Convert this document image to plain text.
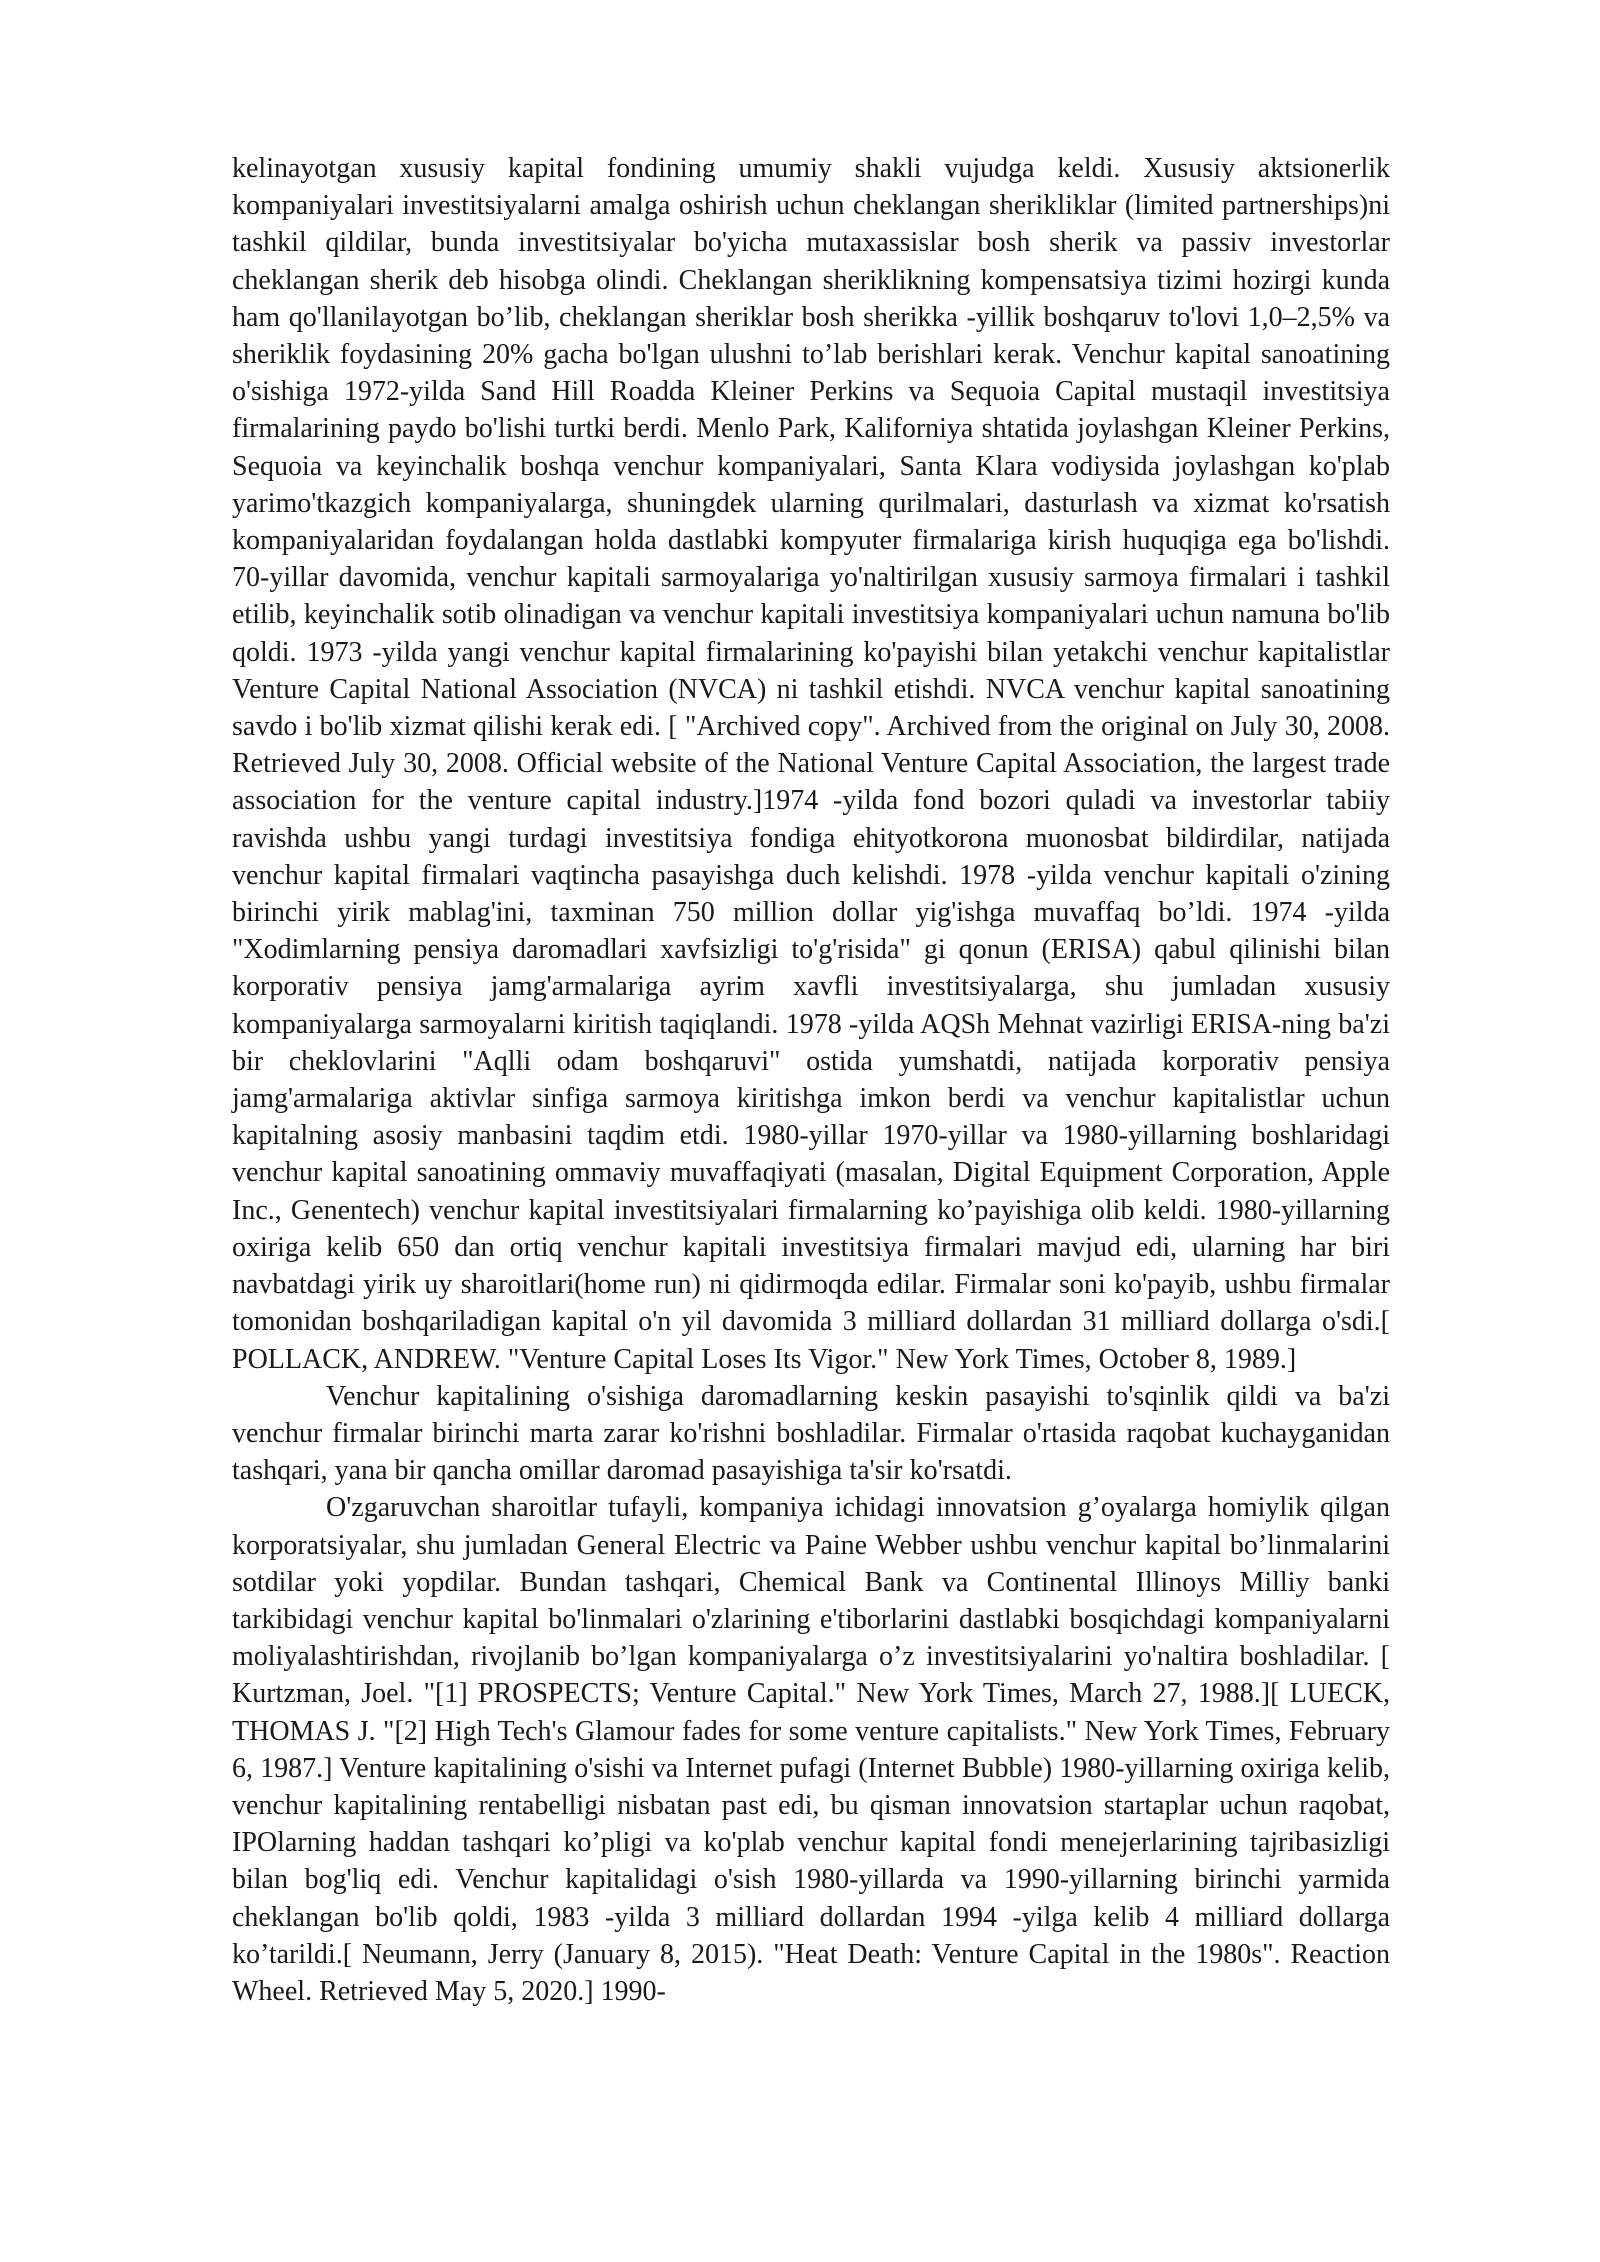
kelinayotgan xususiy kapital fondining umumiy shakli vujudga keldi. Xususiy aktsionerlik kompaniyalari investitsiyalarni amalga oshirish uchun cheklangan sherikliklar (limited partnerships)ni tashkil qildilar, bunda investitsiyalar bo'yicha mutaxassislar bosh sherik va passiv investorlar cheklangan sherik deb hisobga olindi. Cheklangan sheriklikning kompensatsiya tizimi hozirgi kunda ham qo'llanilayotgan bo’lib, cheklangan sheriklar bosh sherikka -yillik boshqaruv to'lovi 1,0–2,5% va sheriklik foydasining 20% gacha bo'lgan ulushni to’lab berishlari kerak. Venchur kapital sanoatining o'sishiga 1972-yilda Sand Hill Roadda Kleiner Perkins va Sequoia Capital mustaqil investitsiya firmalarining paydo bo'lishi turtki berdi. Menlo Park, Kaliforniya shtatida joylashgan Kleiner Perkins, Sequoia va keyinchalik boshqa venchur kompaniyalari, Santa Klara vodiysida joylashgan ko'plab yarimo'tkazgich kompaniyalarga, shuningdek ularning qurilmalari, dasturlash va xizmat ko'rsatish kompaniyalaridan foydalangan holda dastlabki kompyuter firmalariga kirish huquqiga ega bo'lishdi. 70-yillar davomida, venchur kapitali sarmoyalariga yo'naltirilgan xususiy sarmoya firmalari i tashkil etilib, keyinchalik sotib olinadigan va venchur kapitali investitsiya kompaniyalari uchun namuna bo'lib qoldi. 1973 -yilda yangi venchur kapital firmalarining ko'payishi bilan yetakchi venchur kapitalistlar Venture Capital National Association (NVCA) ni tashkil etishdi. NVCA venchur kapital sanoatining savdo i bo'lib xizmat qilishi kerak edi. [ "Archived copy". Archived from the original on July 30, 2008. Retrieved July 30, 2008. Official website of the National Venture Capital Association, the largest trade association for the venture capital industry.]1974 -yilda fond bozori quladi va investorlar tabiiy ravishda ushbu yangi turdagi investitsiya fondiga ehityotkorona muonosbat bildirdilar, natijada venchur kapital firmalari vaqtincha pasayishga duch kelishdi. 1978 -yilda venchur kapitali o'zining birinchi yirik mablag'ini, taxminan 750 million dollar yig'ishga muvaffaq bo’ldi. 1974 -yilda "Xodimlarning pensiya daromadlari xavfsizligi to'g'risida" gi qonun (ERISA) qabul qilinishi bilan korporativ pensiya jamg'armalariga ayrim xavfli investitsiyalarga, shu jumladan xususiy kompaniyalarga sarmoyalarni kiritish taqiqlandi. 1978 -yilda AQSh Mehnat vazirligi ERISA-ning ba'zi bir cheklovlarini "Aqlli odam boshqaruvi" ostida yumshatdi, natijada korporativ pensiya jamg'armalariga aktivlar sinfiga sarmoya kiritishga imkon berdi va venchur kapitalistlar uchun kapitalning asosiy manbasini taqdim etdi. 1980-yillar 1970-yillar va 1980-yillarning boshlaridagi venchur kapital sanoatining ommaviy muvaffaqiyati (masalan, Digital Equipment Corporation, Apple Inc., Genentech) venchur kapital investitsiyalari firmalarning ko’payishiga olib keldi. 1980-yillarning oxiriga kelib 650 dan ortiq venchur kapitali investitsiya firmalari mavjud edi, ularning har biri navbatdagi yirik uy sharoitlari(home run) ni qidirmoqda edilar. Firmalar soni ko'payib, ushbu firmalar tomonidan boshqariladigan kapital o'n yil davomida 3 milliard dollardan 31 milliard dollarga o'sdi.[ POLLACK, ANDREW. "Venture Capital Loses Its Vigor." New York Times, October 8, 1989.]

Venchur kapitalining o'sishiga daromadlarning keskin pasayishi to'sqinlik qildi va ba'zi venchur firmalar birinchi marta zarar ko'rishni boshladilar. Firmalar o'rtasida raqobat kuchayganidan tashqari, yana bir qancha omillar daromad pasayishiga ta'sir ko'rsatdi.

O'zgaruvchan sharoitlar tufayli, kompaniya ichidagi innovatsion g’oyalarga homiylik qilgan korporatsiyalar, shu jumladan General Electric va Paine Webber ushbu venchur kapital bo’linmalarini sotdilar yoki yopdilar. Bundan tashqari, Chemical Bank va Continental Illinoys Milliy banki tarkibidagi venchur kapital bo'linmalari o'zlarining e'tiborlarini dastlabki bosqichdagi kompaniyalarni moliyalashtirishdan, rivojlanib bo’lgan kompaniyalarga o’z investitsiyalarini yo'naltira boshladilar. [ Kurtzman, Joel. "[1] PROSPECTS; Venture Capital." New York Times, March 27, 1988.][ LUECK, THOMAS J. "[2] High Tech's Glamour fades for some venture capitalists." New York Times, February 6, 1987.] Venture kapitalining o'sishi va Internet pufagi (Internet Bubble) 1980-yillarning oxiriga kelib, venchur kapitalining rentabelligi nisbatan past edi, bu qisman innovatsion startaplar uchun raqobat, IPOlarning haddan tashqari ko’pligi va ko'plab venchur kapital fondi menejerlarining tajribasizligi bilan bog'liq edi. Venchur kapitalidagi o'sish 1980-yillarda va 1990-yillarning birinchi yarmida cheklangan bo'lib qoldi, 1983 -yilda 3 milliard dollardan 1994 -yilga kelib 4 milliard dollarga ko’tarildi.[ Neumann, Jerry (January 8, 2015). "Heat Death: Venture Capital in the 1980s". Reaction Wheel. Retrieved May 5, 2020.] 1990-
